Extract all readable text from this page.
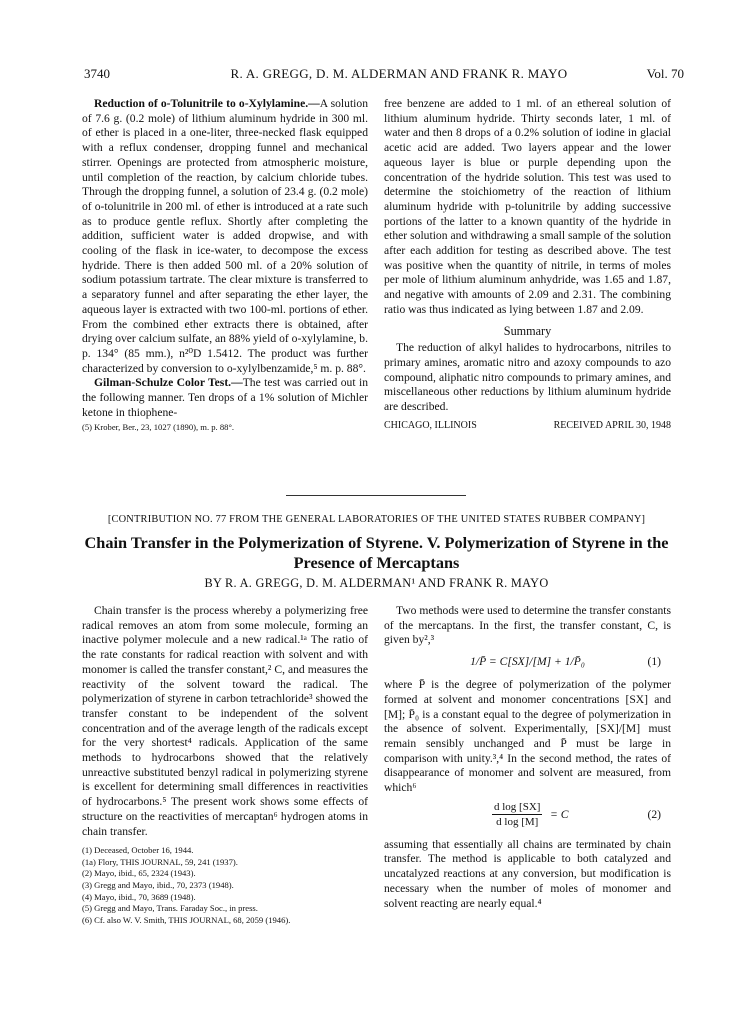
3740	R. A. GREGG, D. M. ALDERMAN AND FRANK R. MAYO	Vol. 70

Reduction of o-Tolunitrile to o-Xylylamine.—A solution of 7.6 g. (0.2 mole) of lithium aluminum hydride in 300 ml. of ether is placed in a one-liter, three-necked flask equipped with a reflux condenser, dropping funnel and mechanical stirrer. Openings are protected from atmospheric moisture, until completion of the reaction, by calcium chloride tubes. Through the dropping funnel, a solution of 23.4 g. (0.2 mole) of o-tolunitrile in 200 ml. of ether is introduced at a rate such as to produce gentle reflux. Shortly after completing the addition, sufficient water is added dropwise, and with cooling of the flask in ice-water, to decompose the excess hydride. There is then added 500 ml. of a 20% solution of sodium potassium tartrate. The clear mixture is transferred to a separatory funnel and after separating the ether layer, the aqueous layer is extracted with two 100-ml. portions of ether. From the combined ether extracts there is obtained, after drying over calcium sulfate, an 88% yield of o-xylylamine, b. p. 134° (85 mm.), n²⁰D 1.5412. The product was further characterized by conversion to o-xylylbenzamide,⁵ m. p. 88°.

Gilman-Schulze Color Test.—The test was carried out in the following manner. Ten drops of a 1% solution of Michler ketone in thiophene-

(5) Krober, Ber., 23, 1027 (1890), m. p. 88°.

free benzene are added to 1 ml. of an ethereal solution of lithium aluminum hydride. Thirty seconds later, 1 ml. of water and then 8 drops of a 0.2% solution of iodine in glacial acetic acid are added. Two layers appear and the lower aqueous layer is blue or purple depending upon the concentration of the hydride solution. This test was used to determine the stoichiometry of the reaction of lithium aluminum hydride with p-tolunitrile by adding successive portions of the latter to a known quantity of the hydride in ether solution and withdrawing a small sample of the solution after each addition for testing as described above. The test was positive when the quantity of nitrile, in terms of moles per mole of lithium aluminum anhydride, was 1.65 and 1.87, and negative with amounts of 2.09 and 2.31. The combining ratio was thus indicated as lying between 1.87 and 2.09.

Summary

The reduction of alkyl halides to hydrocarbons, nitriles to primary amines, aromatic nitro and azoxy compounds to azo compound, aliphatic nitro compounds to primary amines, and miscellaneous other reductions by lithium aluminum hydride are described.

CHICAGO, ILLINOIS	RECEIVED APRIL 30, 1948
[CONTRIBUTION NO. 77 FROM THE GENERAL LABORATORIES OF THE UNITED STATES RUBBER COMPANY]
Chain Transfer in the Polymerization of Styrene. V. Polymerization of Styrene in the Presence of Mercaptans
BY R. A. GREGG, D. M. ALDERMAN¹ AND FRANK R. MAYO

Chain transfer is the process whereby a polymerizing free radical removes an atom from some molecule, forming an inactive polymer molecule and a new radical.¹ᵃ The ratio of the rate constants for radical reaction with solvent and with monomer is called the transfer constant,² C, and measures the reactivity of the solvent toward the radical. The polymerization of styrene in carbon tetrachloride³ showed the transfer constant to be independent of the solvent concentration and of the average length of the radicals except for the very shortest⁴ radicals. Application of the same methods to hydrocarbons showed that the relatively unreactive substituted benzyl radical in polymerizing styrene is excellent for determining small differences in reactivities of hydrocarbons.⁵ The present work shows some effects of structure on the reactivities of mercaptan⁶ hydrogen atoms in chain transfer.

(1) Deceased, October 16, 1944.
(1a) Flory, THIS JOURNAL, 59, 241 (1937).
(2) Mayo, ibid., 65, 2324 (1943).
(3) Gregg and Mayo, ibid., 70, 2373 (1948).
(4) Mayo, ibid., 70, 3689 (1948).
(5) Gregg and Mayo, Trans. Faraday Soc., in press.
(6) Cf. also W. V. Smith, THIS JOURNAL, 68, 2059 (1946).

Two methods were used to determine the transfer constants of the mercaptans. In the first, the transfer constant, C, is given by²,³

1/P̄ = C[SX]/[M] + 1/P̄₀	(1)

where P̄ is the degree of polymerization of the polymer formed at solvent and monomer concentrations [SX] and [M]; P̄₀ is a constant equal to the degree of polymerization in the absence of solvent. Experimentally, [SX]/[M] must remain sensibly unchanged and P̄ must be large in comparison with unity.³,⁴ In the second method, the rates of disappearance of monomer and solvent are measured, from which⁶

$\frac{\text{d log [SX]}}{\text{d log [M]}} = C$	(2)

assuming that essentially all chains are terminated by chain transfer. The method is applicable to both catalyzed and uncatalyzed reactions at any conversion, but modification is necessary when the number of moles of monomer and solvent reacting are nearly equal.⁴
